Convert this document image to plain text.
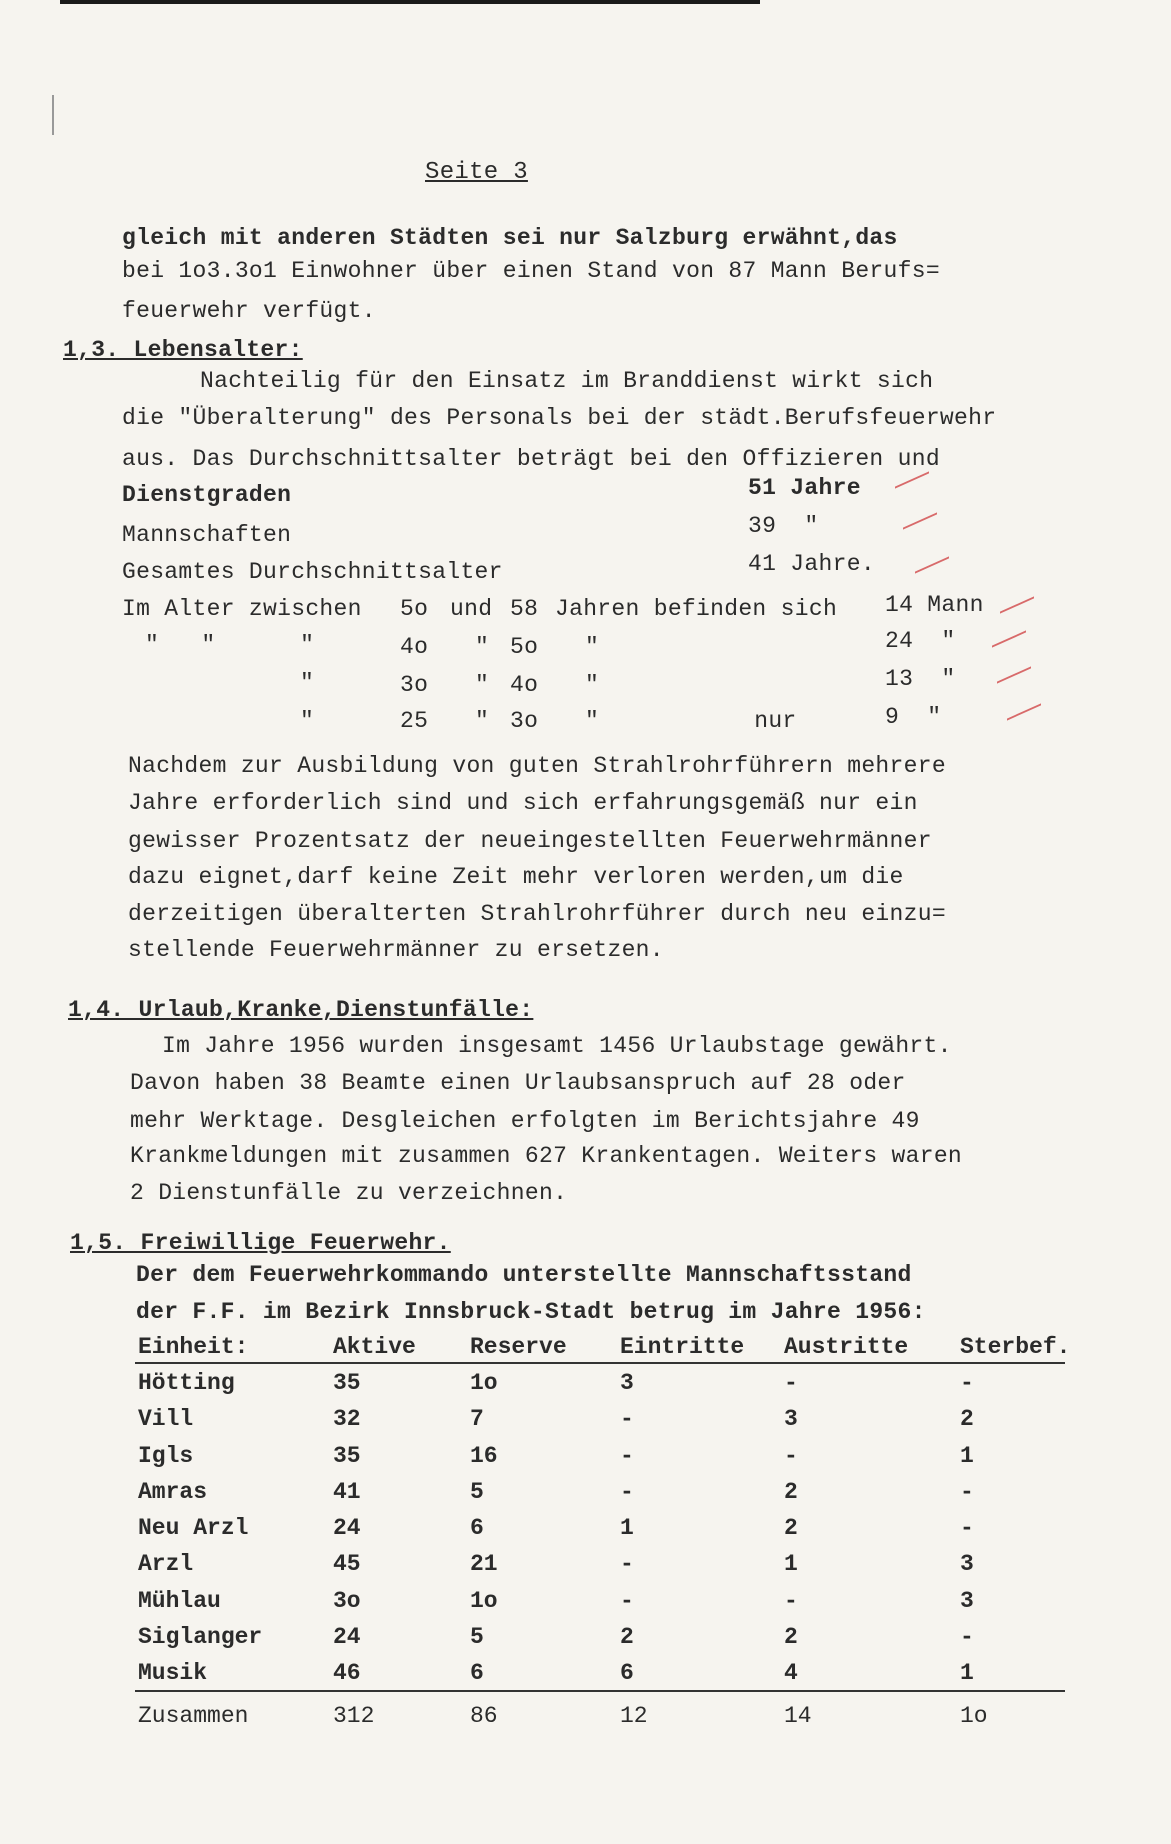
Seite 3
gleich mit anderen Städten sei nur Salzburg erwähnt,das
bei 1o3.3o1 Einwohner über einen Stand von 87 Mann Berufs=
feuerwehr verfügt.
1,3. Lebensalter:
Nachteilig für den Einsatz im Branddienst wirkt sich
die "Überalterung" des Personals bei der städt.Berufsfeuerwehr
aus. Das Durchschnittsalter beträgt bei den Offizieren und
Dienstgraden	51 Jahre
Mannschaften	39  "
Gesamtes Durchschnittsalter	41 Jahre.
Im Alter zwischen 5o und 58 Jahren befinden sich 14 Mann
"   "      "	4o " 5o "	24  "
"	3o " 4o "	13  "
"	25 " 3o "           nur	9  "
Nachdem zur Ausbildung von guten Strahlrohrführern mehrere
Jahre erforderlich sind und sich erfahrungsgemäß nur ein
gewisser Prozentsatz der neueingestellten Feuerwehrmänner
dazu eignet,darf keine Zeit mehr verloren werden,um die
derzeitigen überalterten Strahlrohrführer durch neu einzu=
stellende Feuerwehrmänner zu ersetzen.
1,4. Urlaub,Kranke,Dienstunfälle:
Im Jahre 1956 wurden insgesamt 1456 Urlaubstage gewährt.
Davon haben 38 Beamte einen Urlaubsanspruch auf 28 oder
mehr Werktage. Desgleichen erfolgten im Berichtsjahre 49
Krankmeldungen mit zusammen 627 Krankentagen. Weiters waren
2 Dienstunfälle zu verzeichnen.
1,5. Freiwillige Feuerwehr.
Der dem Feuerwehrkommando unterstellte Mannschaftsstand
der F.F. im Bezirk Innsbruck-Stadt betrug im Jahre 1956:
Einheit:	Aktive Reserve Eintritte Austritte Sterbef.
Hötting	35	1o	3	-	-
Vill	32	7	-	3	2
Igls	35	16	-	-	1
Amras	41	5	-	2	-
Neu Arzl	24	6	1	2	-
Arzl	45	21	-	1	3
Mühlau	3o	1o	-	-	3
Siglanger	24	5	2	2	-
Musik	46	6	6	4	1
Zusammen	312	86	12	14	1o
